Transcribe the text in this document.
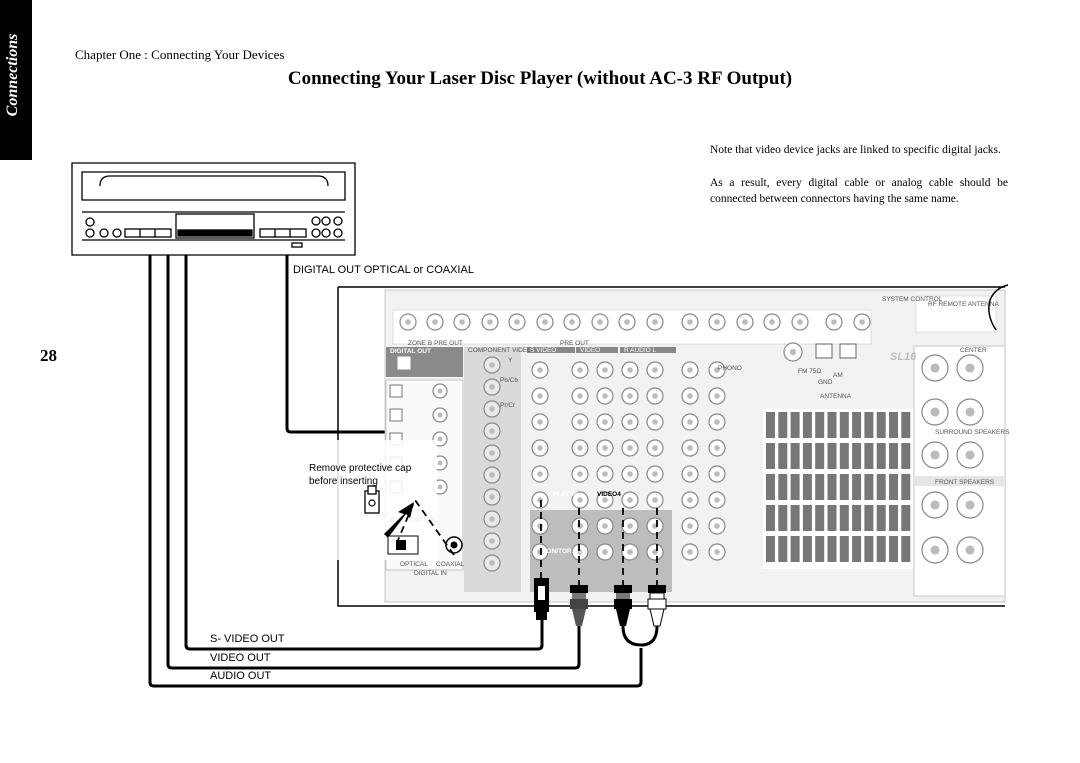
Connections	Chapter One : Connecting Your Devices
Connecting Your Laser Disc Player (without AC-3 RF Output)
28
Note that video device jacks are linked to specific digital jacks.
As a result, every digital cable or analog cable should be connected between connectors having the same name.
DIGITAL OUT	COMPONENT VIDEO
S VIDEO	VIDEO	R AUDIO L
ZONE B PRE OUT	PRE OUT
PHONO
ANTENNA
FM 75Ω
AM
GND
SL16
SYSTEM CONTROL
RF REMOTE ANTENNA
CENTER
SURROUND SPEAKERS
FRONT SPEAKERS
PLAY IN
MONITOR OUT
VIDEO4
OPTICAL COAXIAL
DIGITAL IN
Y
Pb/Cb
Pr/Cr
DIGITAL OUT OPTICAL or COAXIAL
Remove protective cap
before inserting
S- VIDEO OUT
VIDEO OUT
AUDIO OUT
